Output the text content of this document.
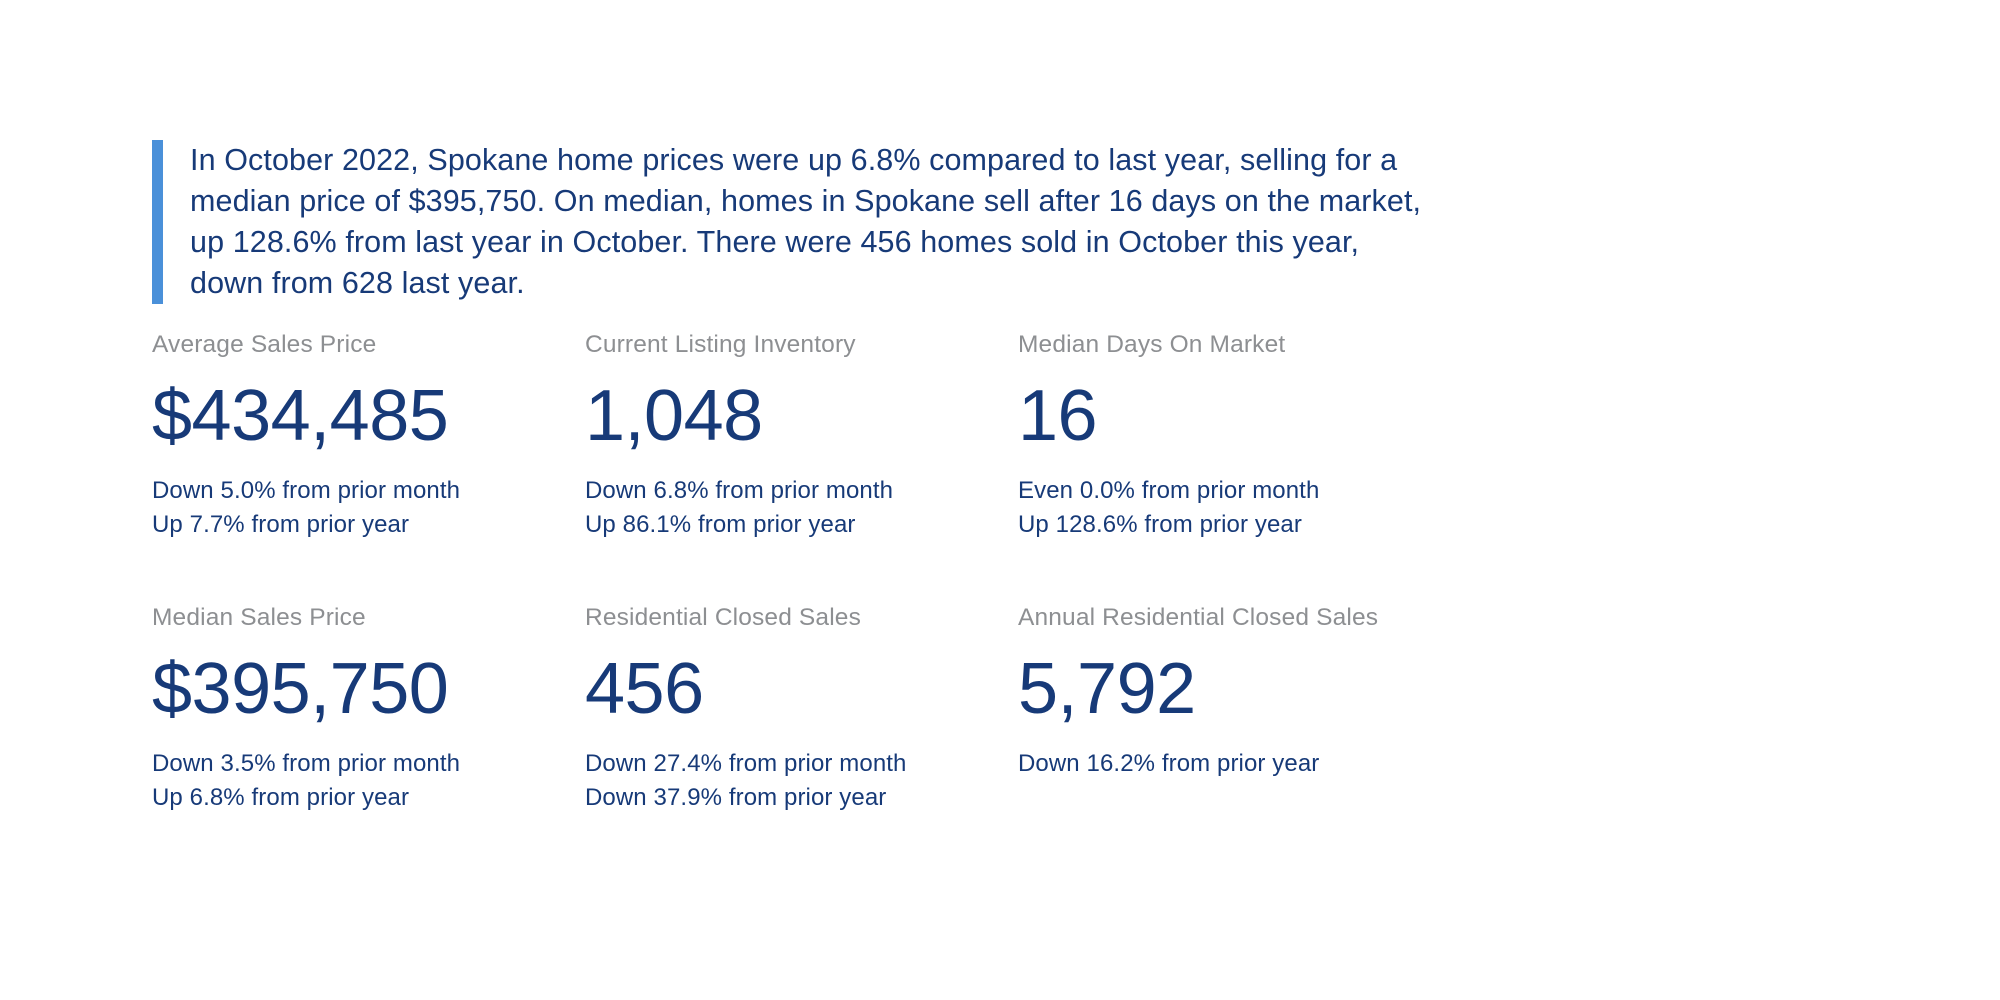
In October 2022, Spokane home prices were up 6.8% compared to last year, selling for a median price of $395,750. On median, homes in Spokane sell after 16 days on the market, up 128.6% from last year in October. There were 456 homes sold in October this year, down from 628 last year.
Average Sales Price
$434,485
Down 5.0% from prior month
Up 7.7% from prior year
Current Listing Inventory
1,048
Down 6.8% from prior month
Up 86.1% from prior year
Median Days On Market
16
Even 0.0% from prior month
Up 128.6% from prior year
Median Sales Price
$395,750
Down 3.5% from prior month
Up 6.8% from prior year
Residential Closed Sales
456
Down 27.4% from prior month
Down 37.9% from prior year
Annual Residential Closed Sales
5,792
Down 16.2% from prior year
